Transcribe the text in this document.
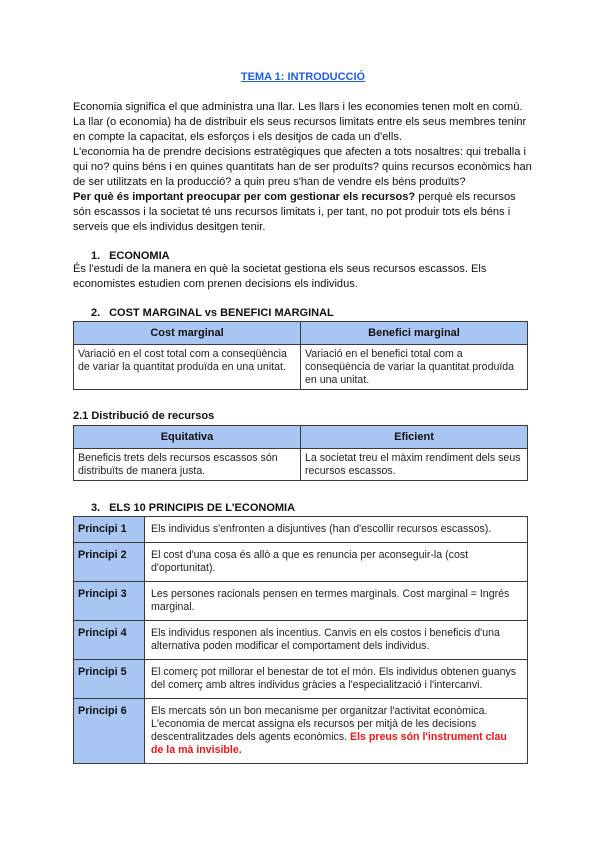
TEMA 1: INTRODUCCIÓ

Economia significa el que administra una llar. Les llars i les economies tenen molt en comú. La llar (o economia) ha de distribuir els seus recursos limitats entre els seus membres teninr en compte la capacitat, els esforços i els desitjos de cada un d'ells.

L'economia ha de prendre decisions estratègiques que afecten a tots nosaltres: qui treballa i qui no? quins béns i en quines quantitats han de ser produïts? quins recursos econòmics han de ser utilitzats en la producció? a quin preu s'han de vendre els béns produïts?

Per què és important preocupar per com gestionar els recursos? perquè els recursos són escassos i la societat té uns recursos limitats i, per tant, no pot produir tots els béns i serveis que els individus desitgen tenir.

1. ECONOMIA

És l'estudi de la manera en què la societat gestiona els seus recursos escassos. Els economistes estudien com prenen decisions els individus.

2. COST MARGINAL vs BENEFICI MARGINAL
Cost marginal	Benefici marginal
Variació en el cost total com a conseqüència de variar la quantitat produïda en una unitat.	Variació en el benefici total com a conseqüència de variar la quantitat produïda en una unitat.
2.1 Distribució de recursos
Equitativa	Eficient
Beneficis trets dels recursos escassos són distribuïts de manera justa.	La societat treu el màxim rendiment dels seus recursos escassos.
3. ELS 10 PRINCIPIS DE L'ECONOMIA
Principi 1	Els individus s'enfronten a disjuntives (han d'escollir recursos escassos).
Principi 2	El cost d'una cosa és allò a que es renuncia per aconseguir-la (cost d'oportunitat).
Principi 3	Les persones racionals pensen en termes marginals. Cost marginal = Ingrés marginal.
Principi 4	Els individus responen als incentius. Canvis en els costos i beneficis d'una alternativa poden modificar el comportament dels individus.
Principi 5	El comerç pot millorar el benestar de tot el món. Els individus obtenen guanys del comerç amb altres individus gràcies a l'especialització i l'intercanvi.
Principi 6	Els mercats són un bon mecanisme per organitzar l'activitat econòmica. L'economia de mercat assigna els recursos per mitjà de les decisions descentralitzades dels agents econòmics. Els preus són l'instrument clau de la mà invisible.
